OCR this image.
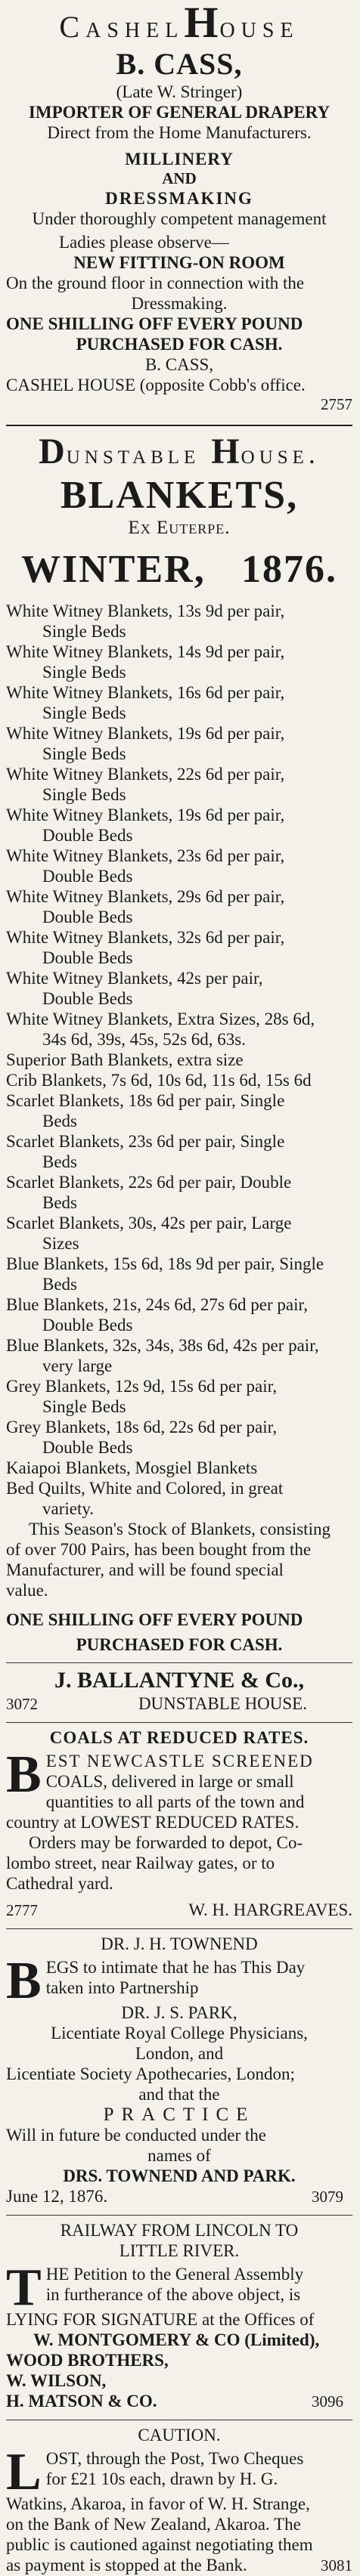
CashelHouse
B. CASS,
(Late W. Stringer)
IMPORTER OF GENERAL DRAPERY
Direct from the Home Manufacturers.
MILLINERY
AND
DRESSMAKING
Under thoroughly competent management
Ladies please observe—
NEW FITTING-ON ROOM
On the ground floor in connection with the
Dressmaking.
ONE SHILLING OFF EVERY POUND
PURCHASED FOR CASH.
B. CASS,
CASHEL HOUSE (opposite Cobb's office.
2757
Dunstable House.
BLANKETS,
Ex Euterpe.
WINTER, 1876.
White Witney Blankets, 13s 9d per pair,
Single Beds
White Witney Blankets, 14s 9d per pair,
Single Beds
White Witney Blankets, 16s 6d per pair,
Single Beds
White Witney Blankets, 19s 6d per pair,
Single Beds
White Witney Blankets, 22s 6d per pair,
Single Beds
White Witney Blankets, 19s 6d per pair,
Double Beds
White Witney Blankets, 23s 6d per pair,
Double Beds
White Witney Blankets, 29s 6d per pair,
Double Beds
White Witney Blankets, 32s 6d per pair,
Double Beds
White Witney Blankets, 42s per pair,
Double Beds
White Witney Blankets, Extra Sizes, 28s 6d,
34s 6d, 39s, 45s, 52s 6d, 63s.
Superior Bath Blankets, extra size
Crib Blankets, 7s 6d, 10s 6d, 11s 6d, 15s 6d
Scarlet Blankets, 18s 6d per pair, Single
Beds
Scarlet Blankets, 23s 6d per pair, Single
Beds
Scarlet Blankets, 22s 6d per pair, Double
Beds
Scarlet Blankets, 30s, 42s per pair, Large
Sizes
Blue Blankets, 15s 6d, 18s 9d per pair, Single
Beds
Blue Blankets, 21s, 24s 6d, 27s 6d per pair,
Double Beds
Blue Blankets, 32s, 34s, 38s 6d, 42s per pair,
very large
Grey Blankets, 12s 9d, 15s 6d per pair,
Single Beds
Grey Blankets, 18s 6d, 22s 6d per pair,
Double Beds
Kaiapoi Blankets, Mosgiel Blankets
Bed Quilts, White and Colored, in great
variety.
This Season's Stock of Blankets, consisting
of over 700 Pairs, has been bought from the
Manufacturer, and will be found special
value.
ONE SHILLING OFF EVERY POUND
PURCHASED FOR CASH.
J. BALLANTYNE & Co.,
3072	DUNSTABLE HOUSE.
COALS AT REDUCED RATES.
B EST NEWCASTLE SCREENED
COALS, delivered in large or small
quantities to all parts of the town and
country at LOWEST REDUCED RATES.
Orders may be forwarded to depot, Co-
lombo street, near Railway gates, or to
Cathedral yard.
2777	W. H. HARGREAVES.
DR. J. H. TOWNEND
B EGS to intimate that he has This Day
taken into Partnership
DR. J. S. PARK,
Licentiate Royal College Physicians,
London, and
Licentiate Society Apothecaries, London;
and that the
PRACTICE
Will in future be conducted under the
names of
DRS. TOWNEND AND PARK.
June 12, 1876.	3079
RAILWAY FROM LINCOLN TO
LITTLE RIVER.
T HE Petition to the General Assembly
in furtherance of the above object, is
LYING FOR SIGNATURE at the Offices of
W. MONTGOMERY & CO (Limited),
WOOD BROTHERS,
W. WILSON,
H. MATSON & CO.	3096
CAUTION.
L OST, through the Post, Two Cheques
for £21 10s each, drawn by H. G.
Watkins, Akaroa, in favor of W. H. Strange,
on the Bank of New Zealand, Akaroa. The
public is cautioned against negotiating them
as payment is stopped at the Bank.	3081
